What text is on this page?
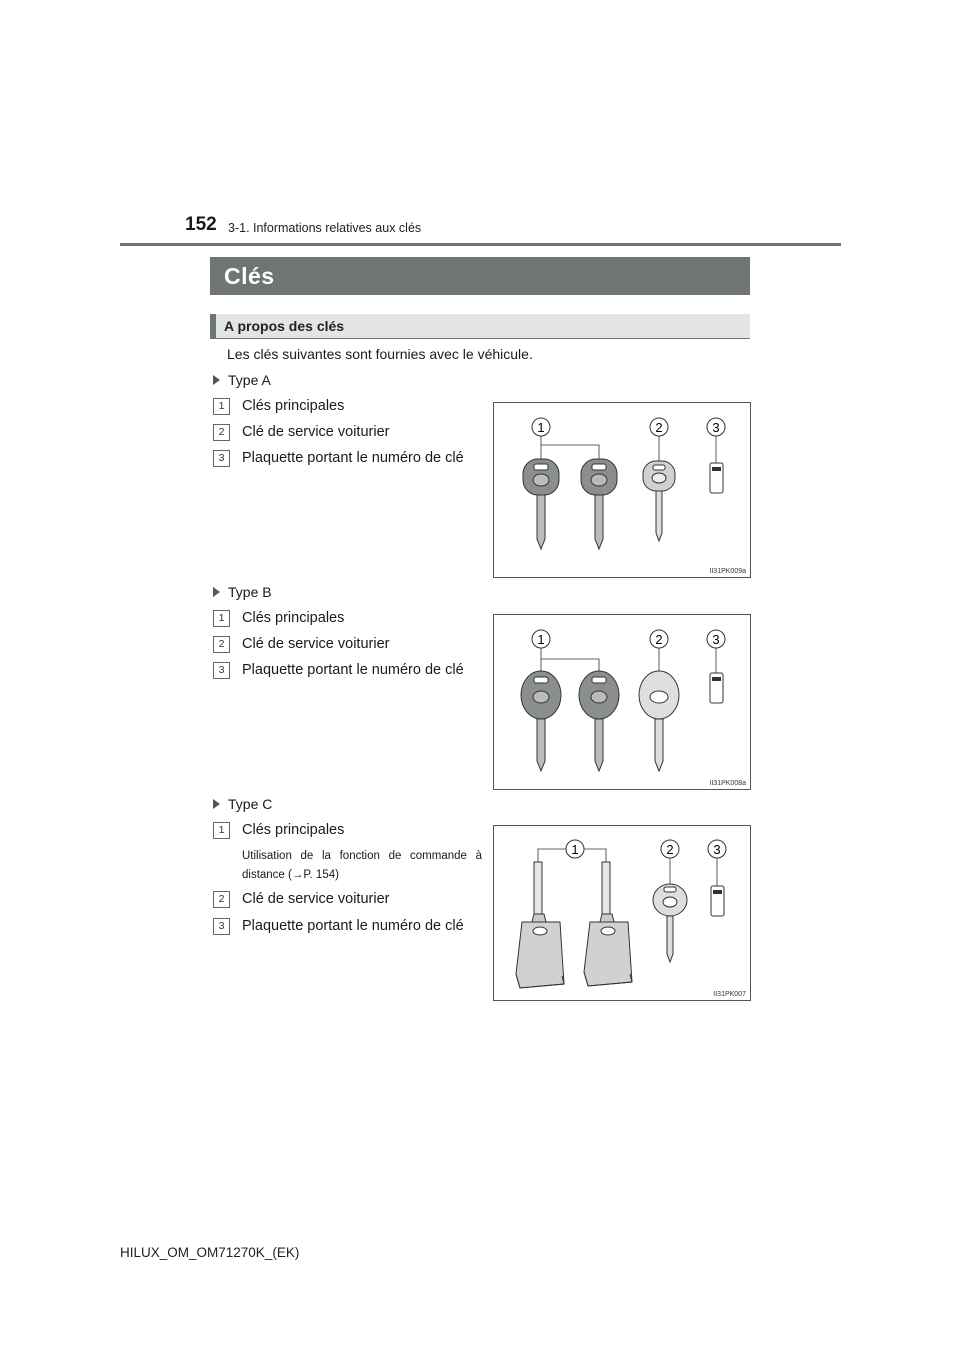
152 3-1. Informations relatives aux clés
Clés
A propos des clés
Les clés suivantes sont fournies avec le véhicule.
Type A
1	Clés principales
2	Clé de service voiturier
3	Plaquette portant le numéro de clé
1	2	3
II31PK009a
Type B
1	Clés principales
2	Clé de service voiturier
3	Plaquette portant le numéro de clé
1	2	3
II31PK008a
Type C
1	Clés principales
Utilisation de la fonction de commande à distance (→P. 154)
2	Clé de service voiturier
3	Plaquette portant le numéro de clé
1	2	3
II31PK007
HILUX_OM_OM71270K_(EK)
